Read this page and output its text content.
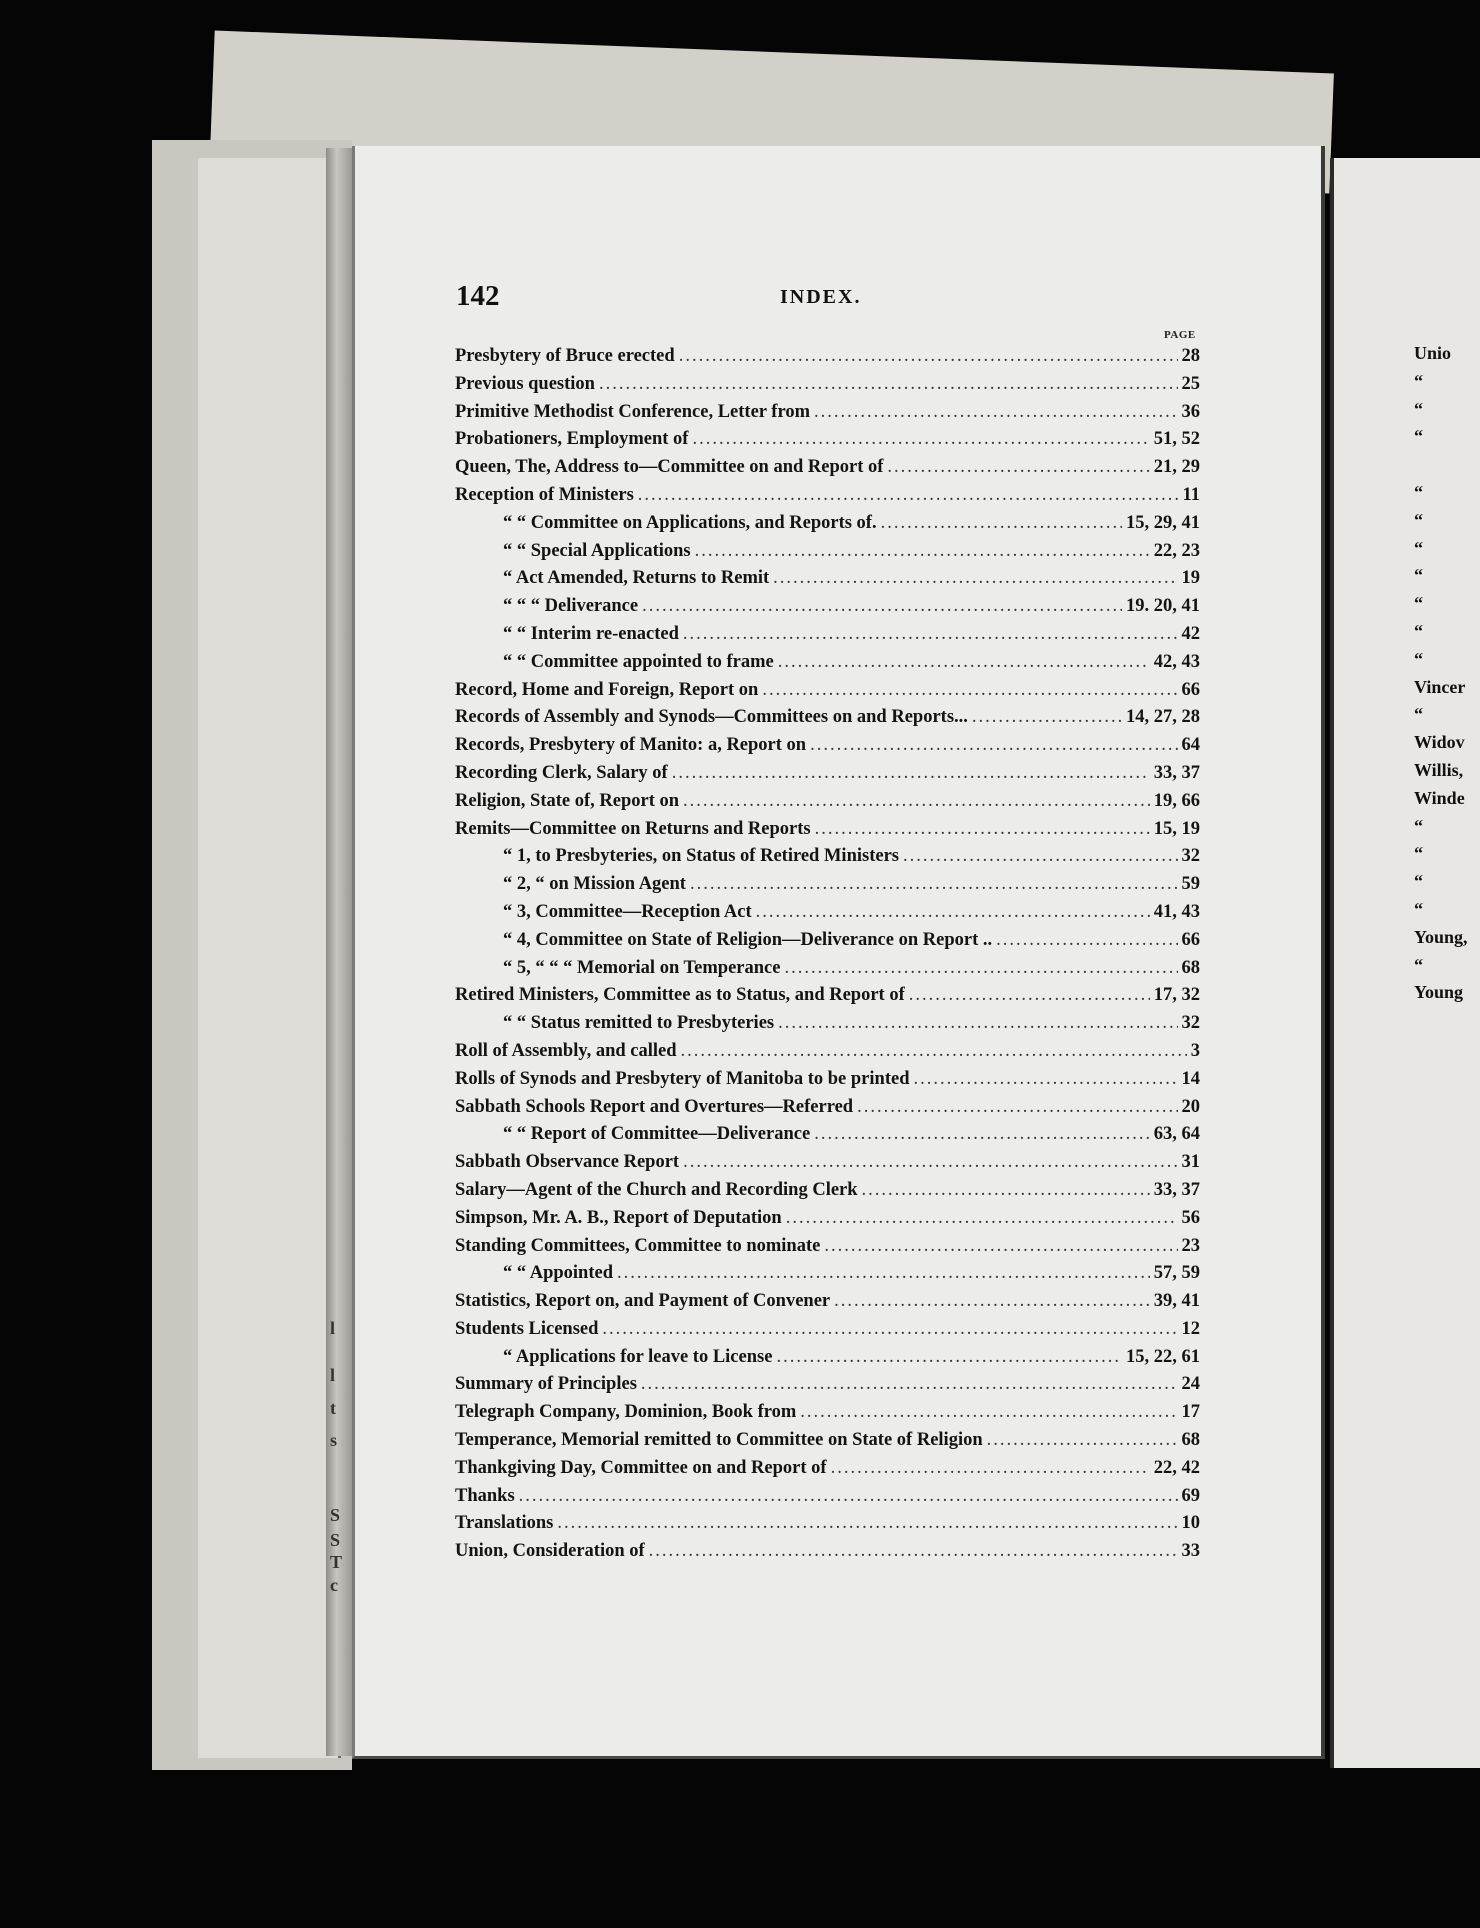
l
l
t
s
S
S
T
c
142	INDEX.
PAGE
Presbytery of Bruce erected .....	28
Previous question .....	25
Primitive Methodist Conference, Letter from .....	36
Probationers, Employment of .....	51, 52
Queen, The, Address to—Committee on and Report of .....	21, 29
Reception of Ministers .....	11
“ “ Committee on Applications, and Reports of. .....	15, 29, 41
“ “ Special Applications .....	22, 23
“ Act Amended, Returns to Remit .....	19
“ “ “ Deliverance .....	19. 20, 41
“ “ Interim re-enacted .....	42
“ “ Committee appointed to frame .....	42, 43
Record, Home and Foreign, Report on .....	66
Records of Assembly and Synods—Committees on and Reports... .....	14, 27, 28
Records, Presbytery of Manito: a, Report on .....	64
Recording Clerk, Salary of .....	33, 37
Religion, State of, Report on .....	19, 66
Remits—Committee on Returns and Reports .....	15, 19
“ 1, to Presbyteries, on Status of Retired Ministers .....	32
“ 2, “ on Mission Agent .....	59
“ 3, Committee—Reception Act .....	41, 43
“ 4, Committee on State of Religion—Deliverance on Report .. .....	66
“ 5, “ “ “ Memorial on Temperance .....	68
Retired Ministers, Committee as to Status, and Report of .....	17, 32
“ “ Status remitted to Presbyteries .....	32
Roll of Assembly, and called .....	3
Rolls of Synods and Presbytery of Manitoba to be printed .....	14
Sabbath Schools Report and Overtures—Referred .....	20
“ “ Report of Committee—Deliverance .....	63, 64
Sabbath Observance Report .....	31
Salary—Agent of the Church and Recording Clerk .....	33, 37
Simpson, Mr. A. B., Report of Deputation .....	56
Standing Committees, Committee to nominate .....	23
“ “ Appointed .....	57, 59
Statistics, Report on, and Payment of Convener .....	39, 41
Students Licensed .....	12
“ Applications for leave to License .....	15, 22, 61
Summary of Principles .....	24
Telegraph Company, Dominion, Book from .....	17
Temperance, Memorial remitted to Committee on State of Religion .....	68
Thankgiving Day, Committee on and Report of .....	22, 42
Thanks .....	69
Translations .....	10
Union, Consideration of .....	33
Unio
“
“
“
“
“
“
“
“
“
“
Vincer
“
Widov
Willis,
Winde
“
“
“
“
Young,
“
Young
